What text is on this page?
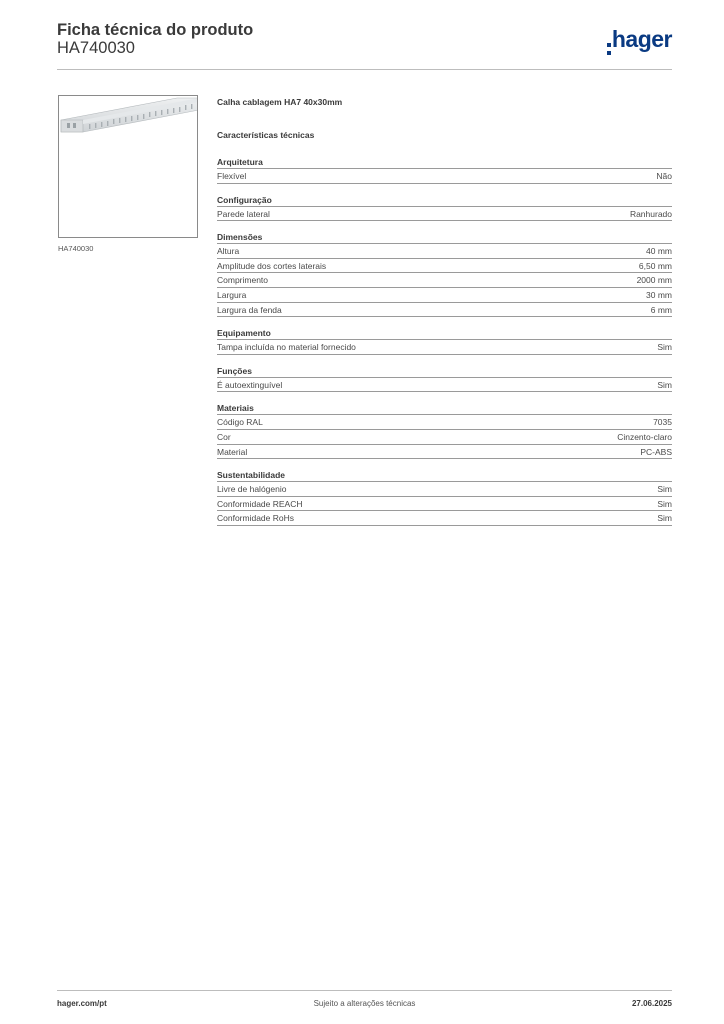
Ficha técnica do produto
HA740030	hager
HA740030
Calha cablagem HA7 40x30mm
Características técnicas
Arquitetura
Flexível	Não
Configuração
Parede lateral	Ranhurado
Dimensões
Altura	40 mm
Amplitude dos cortes laterais	6,50 mm
Comprimento	2000 mm
Largura	30 mm
Largura da fenda	6 mm
Equipamento
Tampa incluída no material fornecido	Sim
Funções
É autoextinguível	Sim
Materiais
Código RAL	7035
Cor	Cinzento-claro
Material	PC-ABS
Sustentabilidade
Livre de halógenio	Sim
Conformidade REACH	Sim
Conformidade RoHs	Sim
hager.com/pt	Sujeito a alterações técnicas	27.06.2025
